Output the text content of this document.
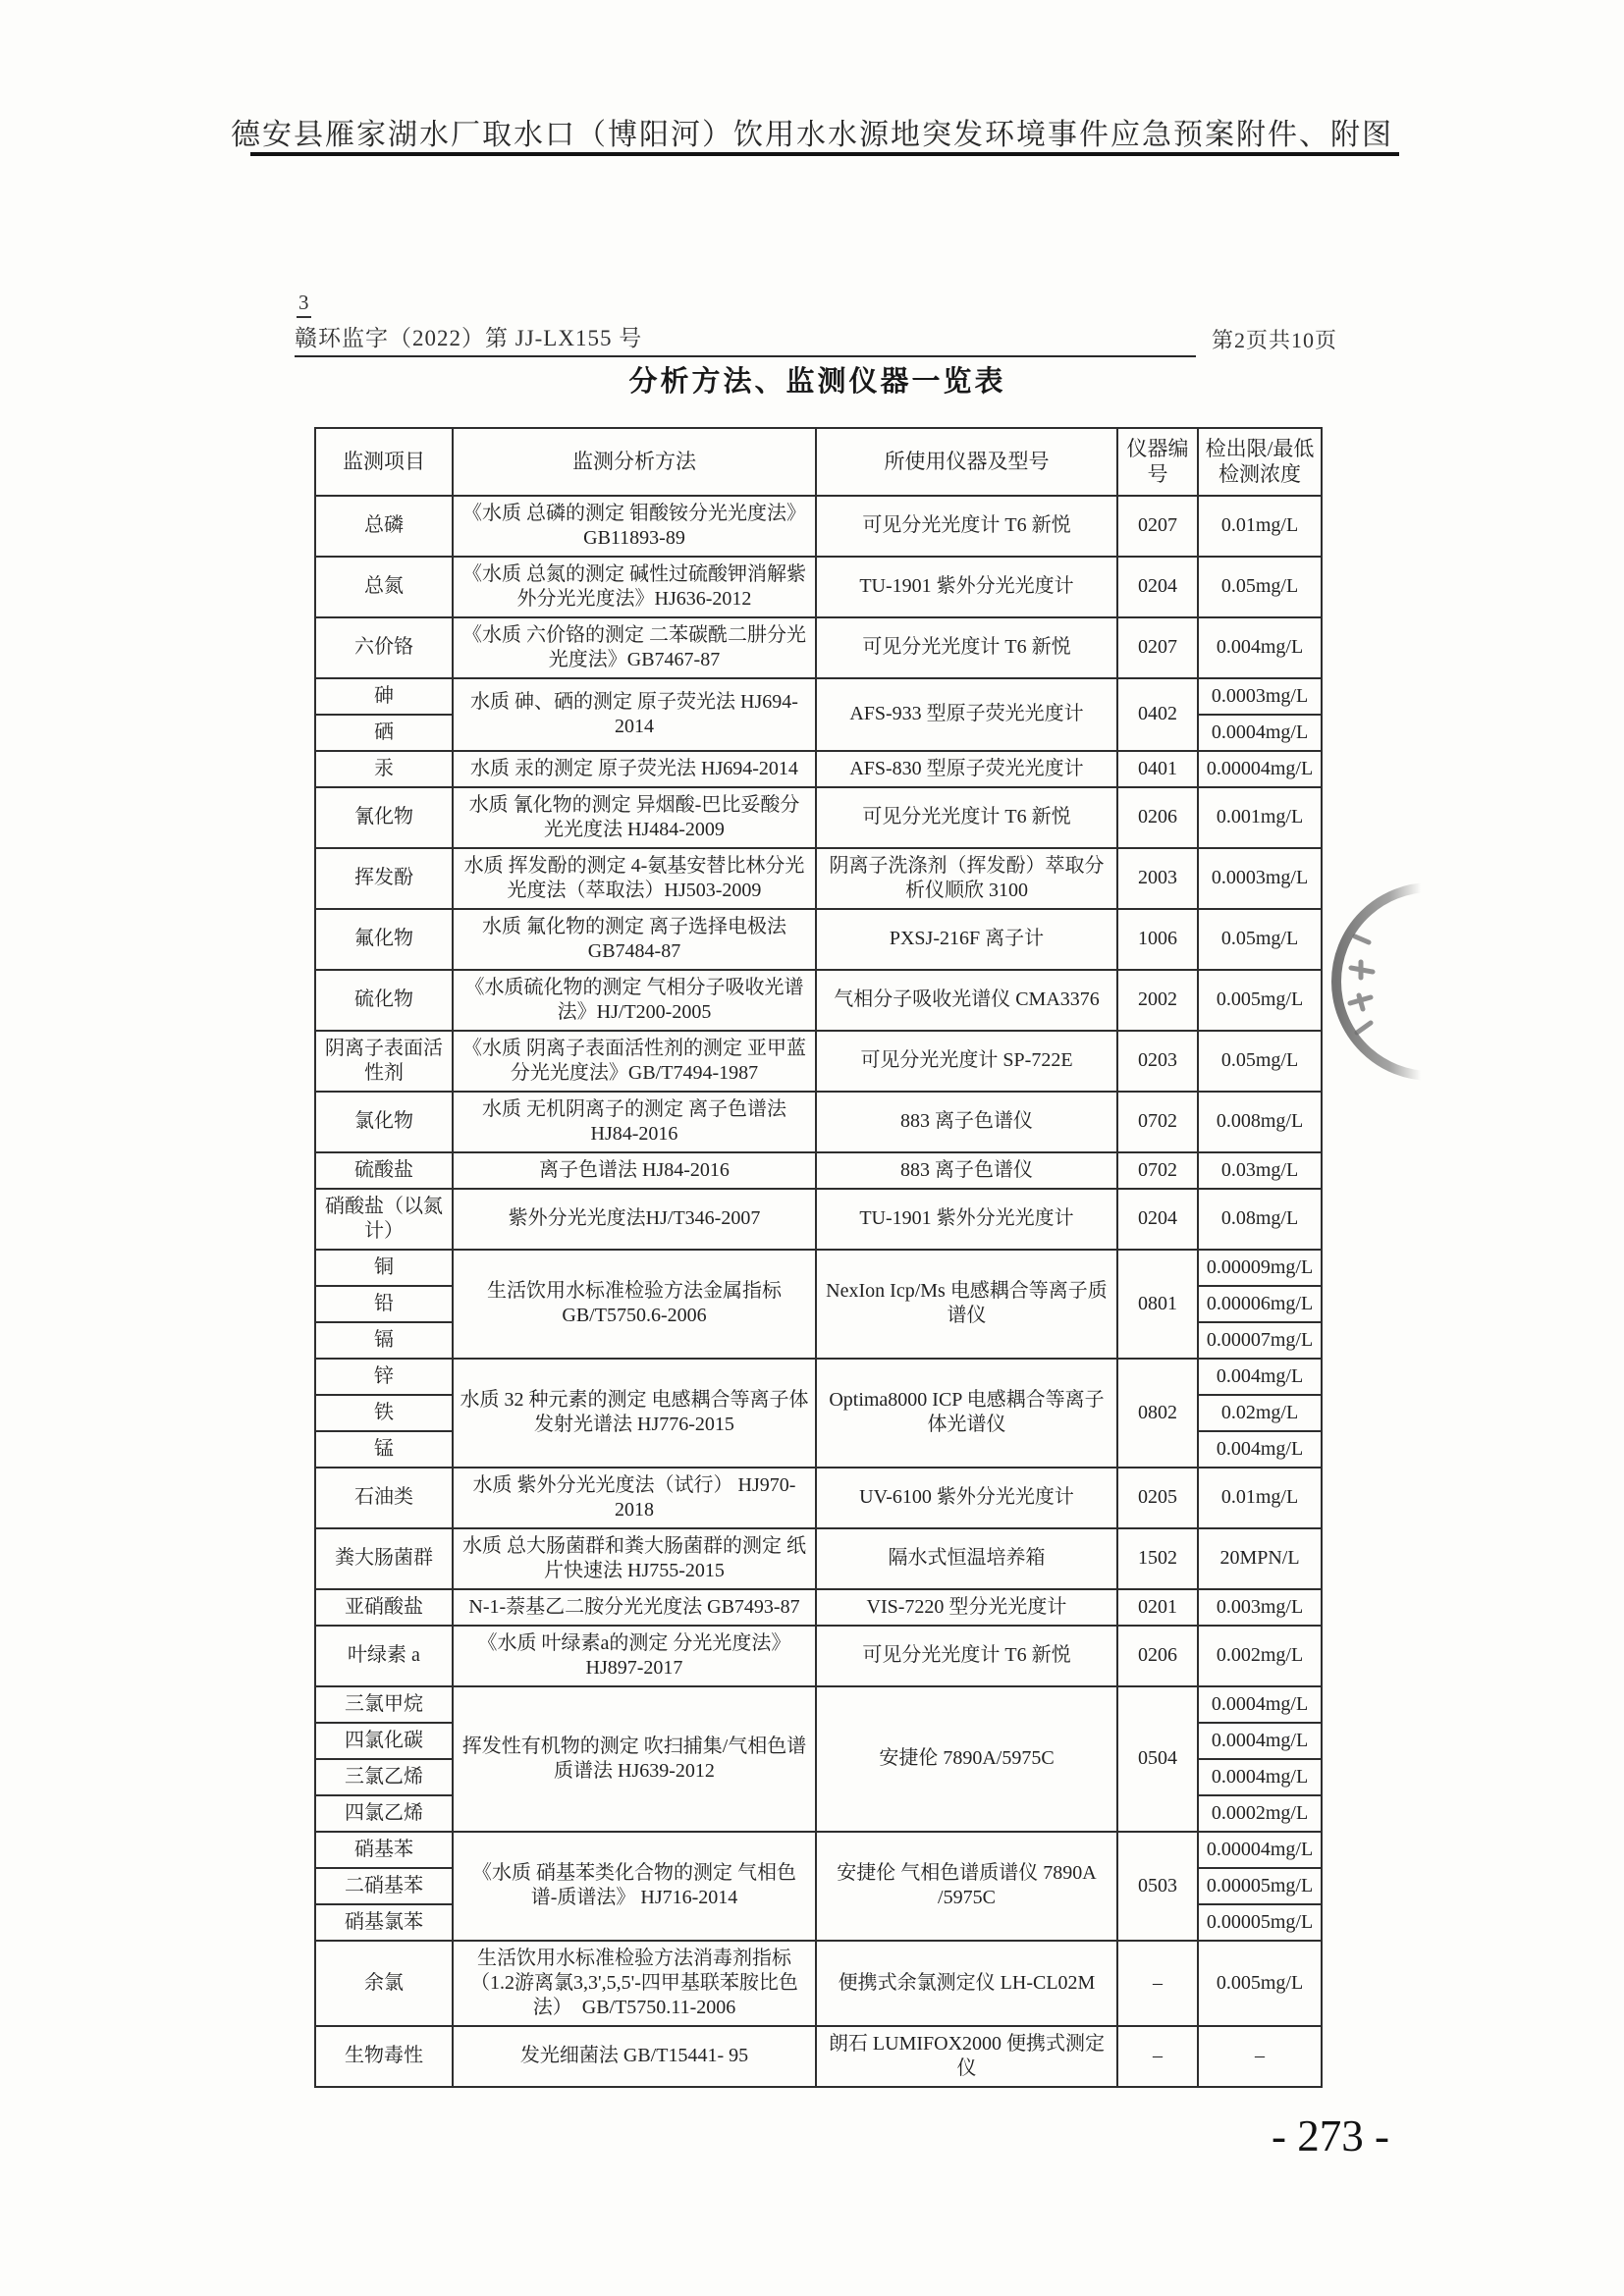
德安县雁家湖水厂取水口（博阳河）饮用水水源地突发环境事件应急预案附件、附图
3
赣环监字（2022）第 JJ-LX155 号	第2页共10页
分析方法、监测仪器一览表
监测项目	监测分析方法	所使用仪器及型号	仪器编号	检出限/最低检测浓度
总磷	《水质 总磷的测定 钼酸铵分光光度法》GB11893-89	可见分光光度计 T6 新悦	0207	0.01mg/L
总氮	《水质 总氮的测定 碱性过硫酸钾消解紫外分光光度法》HJ636-2012	TU-1901 紫外分光光度计	0204	0.05mg/L
六价铬	《水质 六价铬的测定 二苯碳酰二肼分光光度法》GB7467-87	可见分光光度计 T6 新悦	0207	0.004mg/L
砷	水质 砷、硒的测定 原子荧光法 HJ694-2014	AFS-933 型原子荧光光度计	0402	0.0003mg/L
硒				0.0004mg/L
汞	水质 汞的测定 原子荧光法 HJ694-2014	AFS-830 型原子荧光光度计	0401	0.00004mg/L
氰化物	水质 氰化物的测定 异烟酸-巴比妥酸分光光度法 HJ484-2009	可见分光光度计 T6 新悦	0206	0.001mg/L
挥发酚	水质 挥发酚的测定 4-氨基安替比林分光光度法（萃取法）HJ503-2009	阴离子洗涤剂（挥发酚）萃取分析仪顺欣 3100	2003	0.0003mg/L
氟化物	水质 氟化物的测定 离子选择电极法 GB7484-87	PXSJ-216F 离子计	1006	0.05mg/L
硫化物	《水质硫化物的测定 气相分子吸收光谱法》HJ/T200-2005	气相分子吸收光谱仪 CMA3376	2002	0.005mg/L
阴离子表面活性剂	《水质 阴离子表面活性剂的测定 亚甲蓝分光光度法》GB/T7494-1987	可见分光光度计 SP-722E	0203	0.05mg/L
氯化物	水质 无机阴离子的测定 离子色谱法 HJ84-2016	883 离子色谱仪	0702	0.008mg/L
硫酸盐	离子色谱法 HJ84-2016	883 离子色谱仪	0702	0.03mg/L
硝酸盐（以氮计）	紫外分光光度法HJ/T346-2007	TU-1901 紫外分光光度计	0204	0.08mg/L
铜	生活饮用水标准检验方法金属指标 GB/T5750.6-2006	NexIon Icp/Ms 电感耦合等离子质谱仪	0801	0.00009mg/L
铅				0.00006mg/L
镉				0.00007mg/L
锌	水质 32 种元素的测定 电感耦合等离子体发射光谱法 HJ776-2015	Optima8000 ICP 电感耦合等离子体光谱仪	0802	0.004mg/L
铁				0.02mg/L
锰				0.004mg/L
石油类	水质 紫外分光光度法（试行） HJ970-2018	UV-6100 紫外分光光度计	0205	0.01mg/L
粪大肠菌群	水质 总大肠菌群和粪大肠菌群的测定 纸片快速法 HJ755-2015	隔水式恒温培养箱	1502	20MPN/L
亚硝酸盐	N-1-萘基乙二胺分光光度法 GB7493-87	VIS-7220 型分光光度计	0201	0.003mg/L
叶绿素 a	《水质 叶绿素a的测定 分光光度法》 HJ897-2017	可见分光光度计 T6 新悦	0206	0.002mg/L
三氯甲烷	挥发性有机物的测定 吹扫捕集/气相色谱质谱法 HJ639-2012	安捷伦 7890A/5975C	0504	0.0004mg/L
四氯化碳				0.0004mg/L
三氯乙烯				0.0004mg/L
四氯乙烯				0.0002mg/L
硝基苯	《水质 硝基苯类化合物的测定 气相色谱-质谱法》 HJ716-2014	安捷伦 气相色谱质谱仪 7890A /5975C	0503	0.00004mg/L
二硝基苯				0.00005mg/L
硝基氯苯				0.00005mg/L
余氯	生活饮用水标准检验方法消毒剂指标（1.2游离氯3,3',5,5'-四甲基联苯胺比色法）　GB/T5750.11-2006	便携式余氯测定仪 LH-CL02M	–	0.005mg/L
生物毒性	发光细菌法 GB/T15441- 95	朗石 LUMIFOX2000 便携式测定仪	–	–
- 273 -
